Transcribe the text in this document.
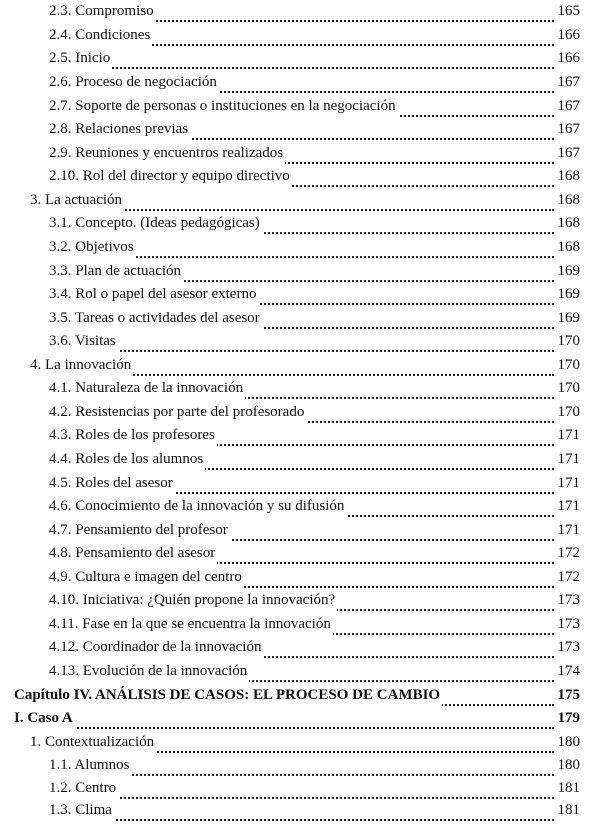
2.3. Compromiso	165
2.4. Condiciones	166
2.5. Inicio	166
2.6. Proceso de negociación	167
2.7. Soporte de personas o instituciones en la negociación	167
2.8. Relaciones previas	167
2.9. Reuniones y encuentros realizados	167
2.10. Rol del director y equipo directivo	168
3. La actuación	168
3.1. Concepto. (Ideas pedagógicas)	168
3.2. Objetivos	168
3.3. Plan de actuación	169
3.4. Rol o papel del asesor externo	169
3.5. Tareas o actividades del asesor	169
3.6. Visitas	170
4. La innovación	170
4.1. Naturaleza de la innovación	170
4.2. Resistencias por parte del profesorado	170
4.3. Roles de los profesores	171
4.4. Roles de los alumnos	171
4.5. Roles del asesor	171
4.6. Conocimiento de la innovación y su difusión	171
4.7. Pensamiento del profesor	171
4.8. Pensamiento del asesor	172
4.9. Cultura e imagen del centro	172
4.10. Iniciativa: ¿Quién propone la innovación?	173
4.11. Fase en la que se encuentra la innovación	173
4.12. Coordinador de la innovación	173
4.13. Evolución de la innovación	174
Capítulo IV. ANÁLISIS DE CASOS: EL PROCESO DE CAMBIO	175
I. Caso A	179
1. Contextualización	180
1.1. Alumnos	180
1.2. Centro	181
1.3. Clima	181
